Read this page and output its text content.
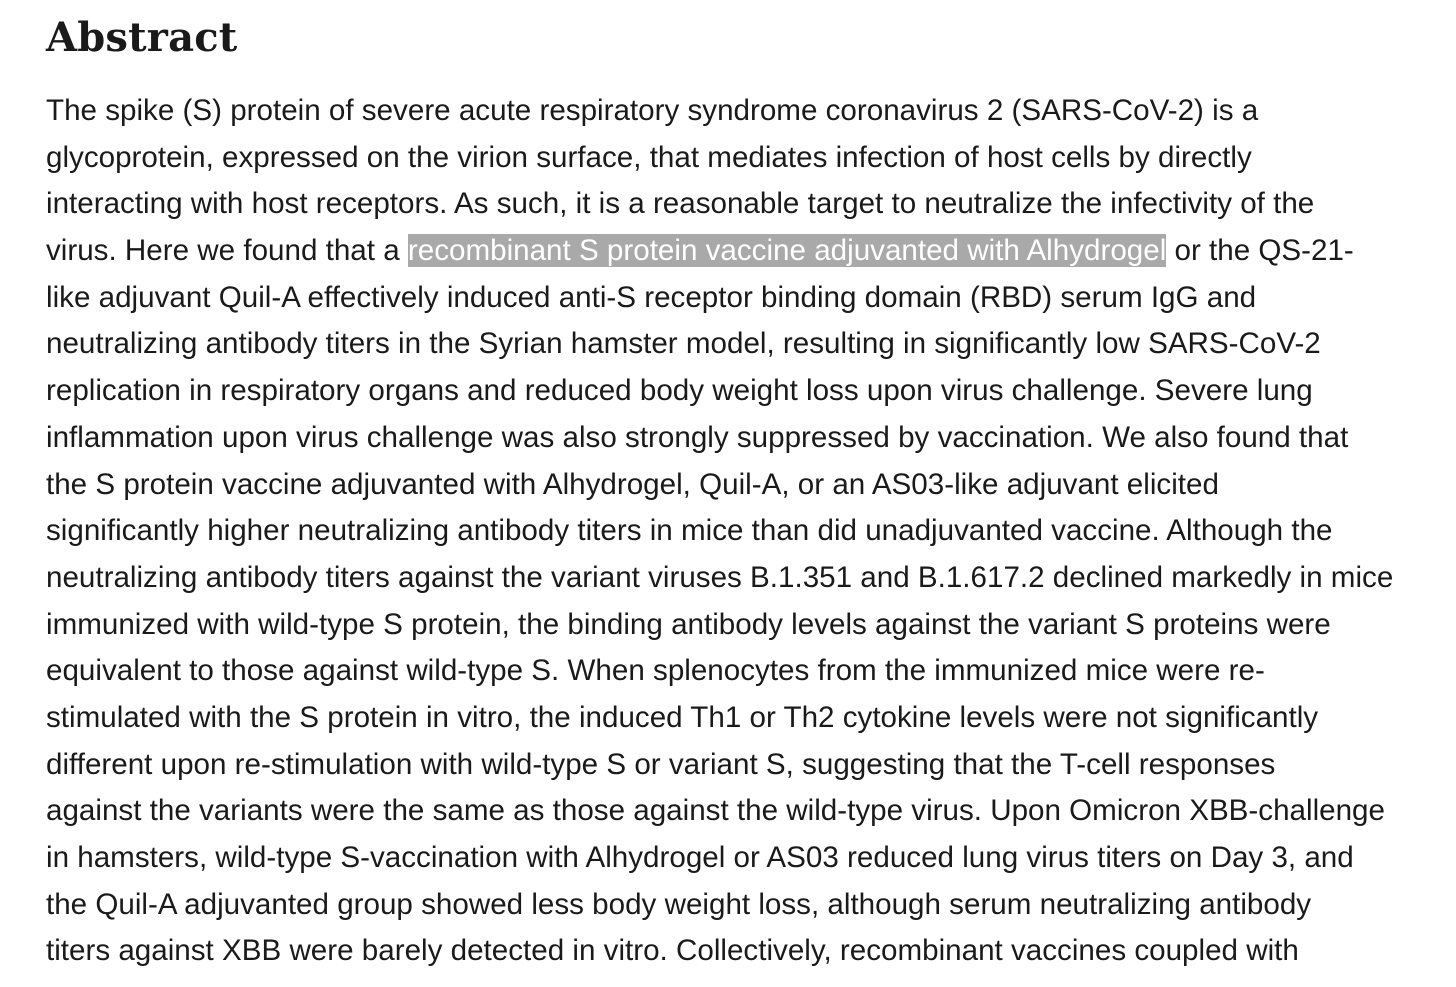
Abstract

The spike (S) protein of severe acute respiratory syndrome coronavirus 2 (SARS-CoV-2) is a
glycoprotein, expressed on the virion surface, that mediates infection of host cells by directly
interacting with host receptors. As such, it is a reasonable target to neutralize the infectivity of the
virus. Here we found that a recombinant S protein vaccine adjuvanted with Alhydrogel or the QS-21-
like adjuvant Quil-A effectively induced anti-S receptor binding domain (RBD) serum IgG and
neutralizing antibody titers in the Syrian hamster model, resulting in significantly low SARS-CoV-2
replication in respiratory organs and reduced body weight loss upon virus challenge. Severe lung
inflammation upon virus challenge was also strongly suppressed by vaccination. We also found that
the S protein vaccine adjuvanted with Alhydrogel, Quil-A, or an AS03-like adjuvant elicited
significantly higher neutralizing antibody titers in mice than did unadjuvanted vaccine. Although the
neutralizing antibody titers against the variant viruses B.1.351 and B.1.617.2 declined markedly in mice
immunized with wild-type S protein, the binding antibody levels against the variant S proteins were
equivalent to those against wild-type S. When splenocytes from the immunized mice were re-
stimulated with the S protein in vitro, the induced Th1 or Th2 cytokine levels were not significantly
different upon re-stimulation with wild-type S or variant S, suggesting that the T-cell responses
against the variants were the same as those against the wild-type virus. Upon Omicron XBB-challenge
in hamsters, wild-type S-vaccination with Alhydrogel or AS03 reduced lung virus titers on Day 3, and
the Quil-A adjuvanted group showed less body weight loss, although serum neutralizing antibody
titers against XBB were barely detected in vitro. Collectively, recombinant vaccines coupled with
